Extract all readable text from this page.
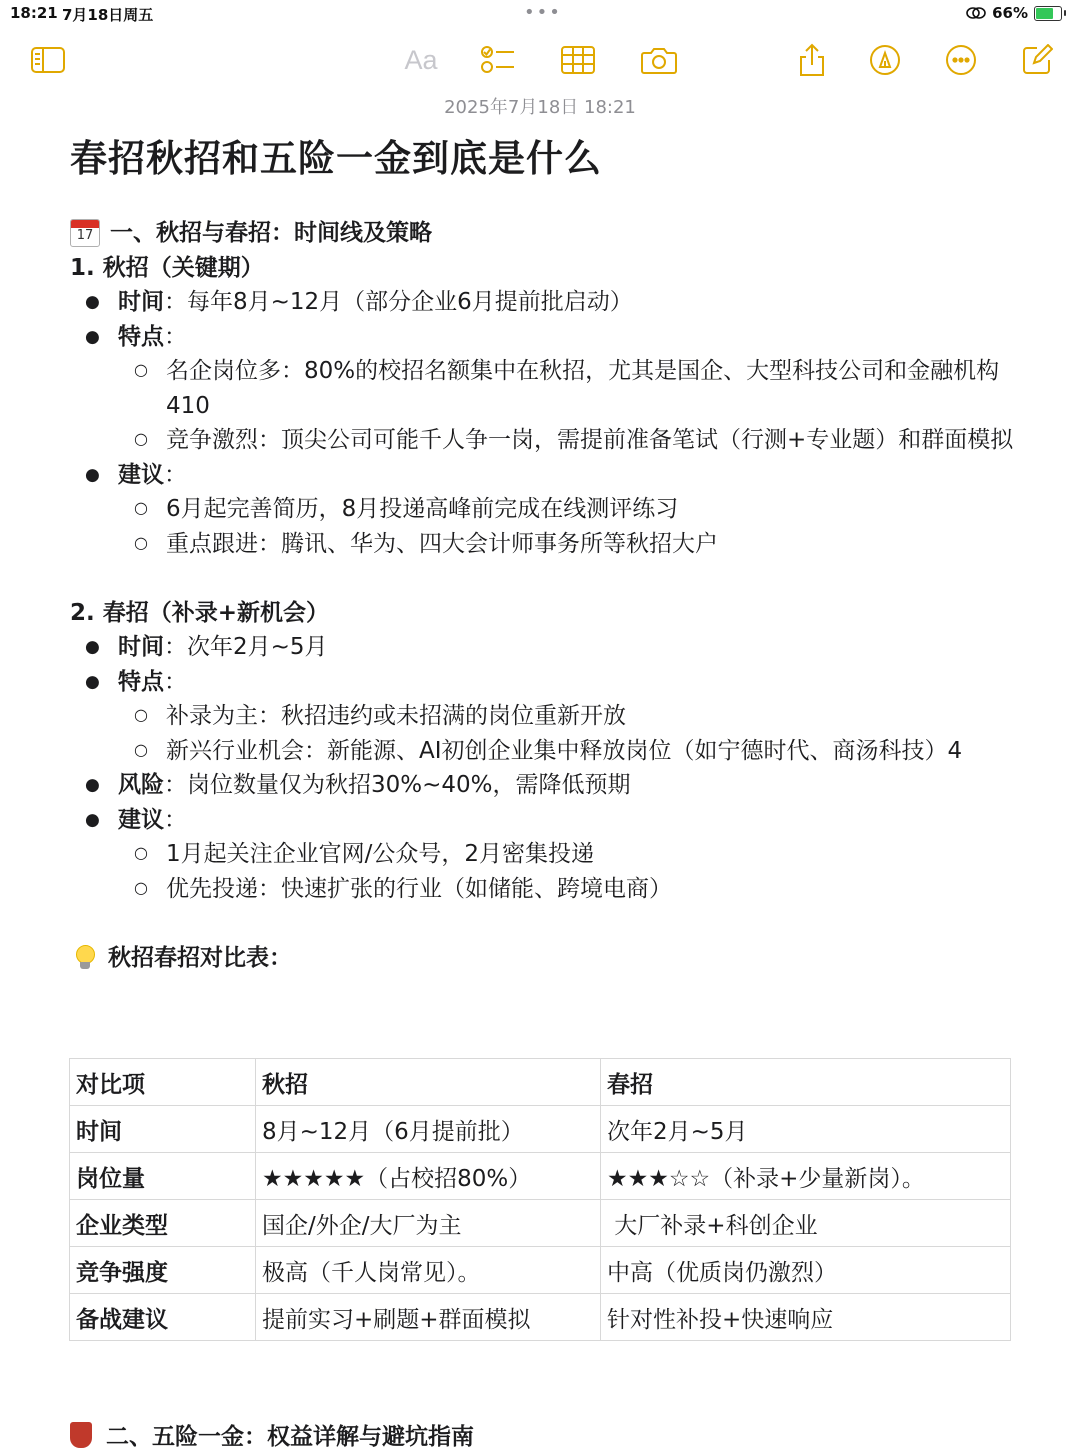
18:21 7月18日周五	•••	66%
Aa
2025年7月18日 18:21
春招秋招和五险一金到底是什么
17 一、秋招与春招：时间线及策略
1. 秋招（关键期）
● 时间：每年8月~12月（部分企业6月提前批启动）
● 特点：
○ 名企岗位多：80%的校招名额集中在秋招，尤其是国企、大型科技公司和金融机构 410
○ 竞争激烈：顶尖公司可能千人争一岗，需提前准备笔试（行测+专业题）和群面模拟
● 建议：
○ 6月起完善简历，8月投递高峰前完成在线测评练习
○ 重点跟进：腾讯、华为、四大会计师事务所等秋招大户
2. 春招（补录+新机会）
● 时间：次年2月~5月
● 特点：
○ 补录为主：秋招违约或未招满的岗位重新开放
○ 新兴行业机会：新能源、AI初创企业集中释放岗位（如宁德时代、商汤科技）4
● 风险：岗位数量仅为秋招30%~40%，需降低预期
● 建议：
○ 1月起关注企业官网/公众号，2月密集投递
○ 优先投递：快速扩张的行业（如储能、跨境电商）
秋招春招对比表：
对比项	秋招	春招
时间	8月~12月（6月提前批）	次年2月~5月
岗位量	★★★★★（占校招80%）	★★★☆☆（补录+少量新岗）。
企业类型	国企/外企/大厂为主	大厂补录+科创企业
竞争强度	极高（千人岗常见）。	中高（优质岗仍激烈）
备战建议	提前实习+刷题+群面模拟	针对性补投+快速响应
二、五险一金：权益详解与避坑指南
